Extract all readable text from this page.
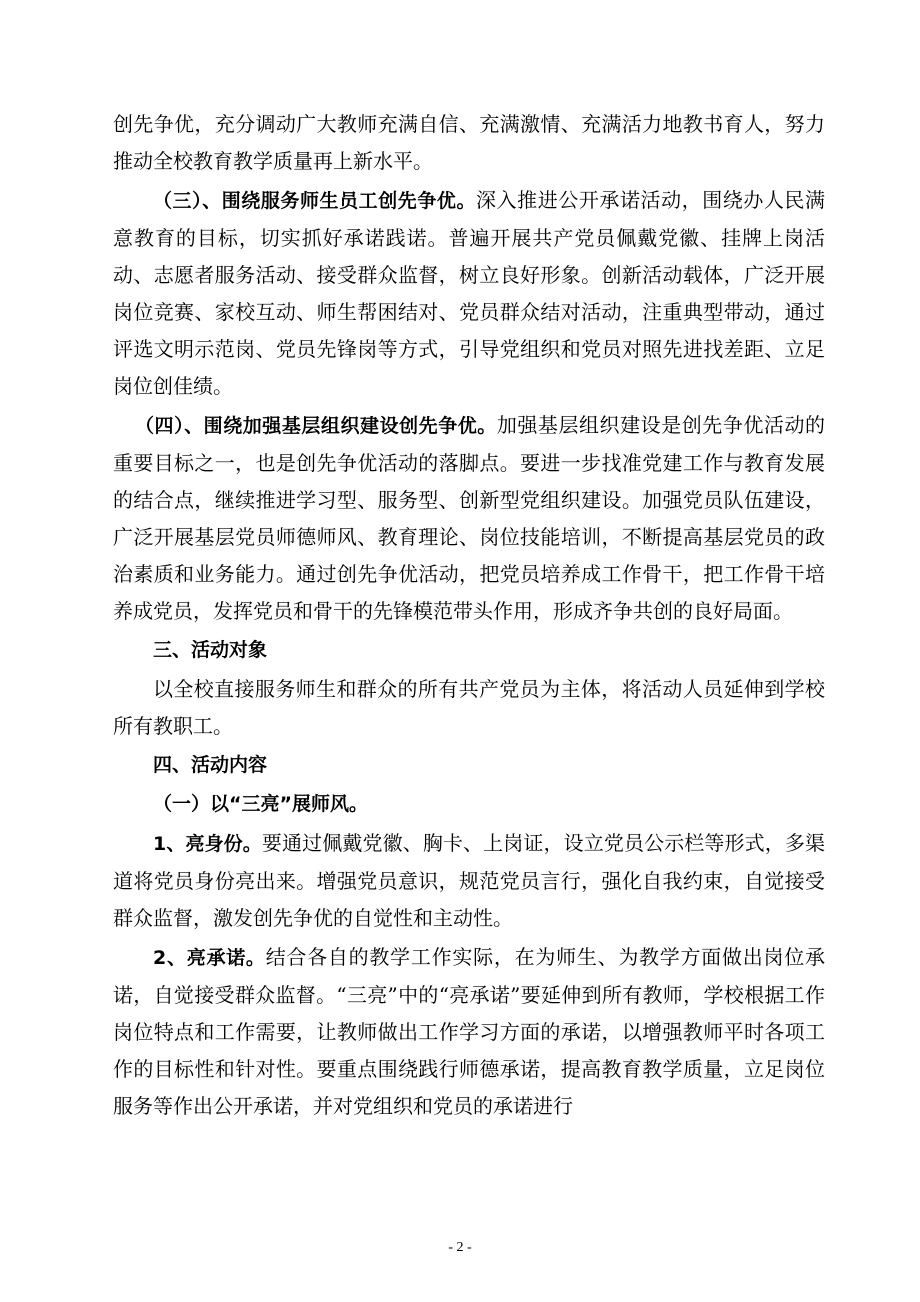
创先争优，充分调动广大教师充满自信、充满激情、充满活力地教书育人，努力推动全校教育教学质量再上新水平。

（三）、围绕服务师生员工创先争优。深入推进公开承诺活动，围绕办人民满意教育的目标，切实抓好承诺践诺。普遍开展共产党员佩戴党徽、挂牌上岗活动、志愿者服务活动、接受群众监督，树立良好形象。创新活动载体，广泛开展岗位竞赛、家校互动、师生帮困结对、党员群众结对活动，注重典型带动，通过评选文明示范岗、党员先锋岗等方式，引导党组织和党员对照先进找差距、立足岗位创佳绩。

（四）、围绕加强基层组织建设创先争优。加强基层组织建设是创先争优活动的重要目标之一，也是创先争优活动的落脚点。要进一步找准党建工作与教育发展的结合点，继续推进学习型、服务型、创新型党组织建设。加强党员队伍建设，广泛开展基层党员师德师风、教育理论、岗位技能培训，不断提高基层党员的政治素质和业务能力。通过创先争优活动，把党员培养成工作骨干，把工作骨干培养成党员，发挥党员和骨干的先锋模范带头作用，形成齐争共创的良好局面。

三、活动对象

以全校直接服务师生和群众的所有共产党员为主体，将活动人员延伸到学校所有教职工。

四、活动内容

（一）以“三亮”展师风。

1、亮身份。要通过佩戴党徽、胸卡、上岗证，设立党员公示栏等形式，多渠道将党员身份亮出来。增强党员意识，规范党员言行，强化自我约束，自觉接受群众监督，激发创先争优的自觉性和主动性。

2、亮承诺。结合各自的教学工作实际，在为师生、为教学方面做出岗位承诺，自觉接受群众监督。“三亮”中的“亮承诺”要延伸到所有教师，学校根据工作岗位特点和工作需要，让教师做出工作学习方面的承诺，以增强教师平时各项工作的目标性和针对性。要重点围绕践行师德承诺，提高教育教学质量，立足岗位服务等作出公开承诺，并对党组织和党员的承诺进行

- 2 -
